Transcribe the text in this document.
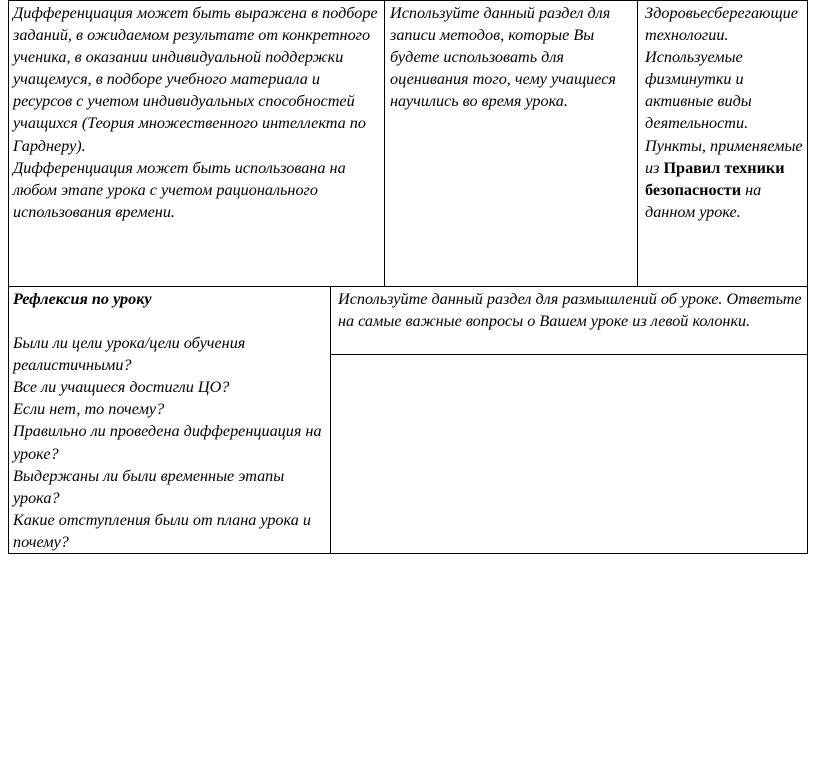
Дифференциация может быть выражена в подборе заданий, в ожидаемом результате от конкретного ученика, в оказании индивидуальной поддержки учащемуся, в подборе учебного материала и ресурсов с учетом индивидуальных способностей учащихся (Теория множественного интеллекта по Гарднеру).

Дифференциация может быть использована на любом этапе урока с учетом рационального использования времени.

Используйте данный раздел для записи методов, которые Вы будете использовать для оценивания того, чему учащиеся научились во время урока.

Здоровьесберегающие технологии. Используемые физминутки и активные виды деятельности. Пункты, применяемые из Правил техники безопасности на данном уроке.

Рефлексия по уроку

Были ли цели урока/цели обучения реалистичными?

Все ли учащиеся достигли ЦО?

Если нет, то почему?

Правильно ли проведена дифференциация на уроке?

Выдержаны ли были временные этапы урока?

Какие отступления были от плана урока и почему?

Используйте данный раздел для размышлений об уроке. Ответьте на самые важные вопросы о Вашем уроке из левой колонки.
